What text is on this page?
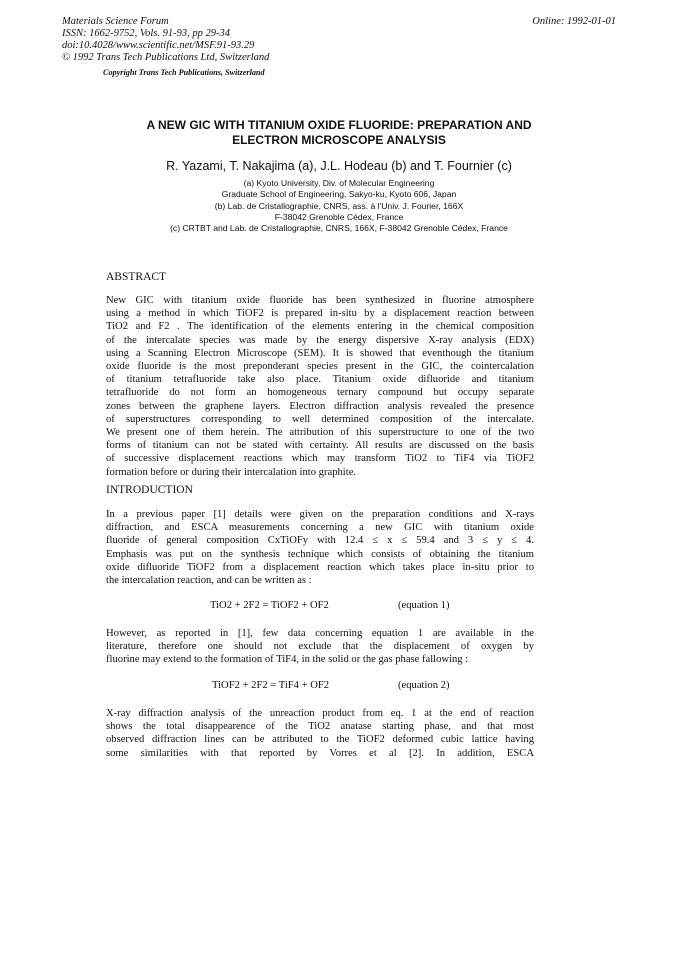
Materials Science Forum
ISSN: 1662-9752, Vols. 91-93, pp 29-34
doi:10.4028/www.scientific.net/MSF.91-93.29
© 1992 Trans Tech Publications Ltd, Switzerland
Copyright Trans Tech Publications, Switzerland
Online: 1992-01-01
A NEW GIC WITH TITANIUM OXIDE FLUORIDE: PREPARATION AND
ELECTRON MICROSCOPE ANALYSIS
R. Yazami, T. Nakajima (a), J.L. Hodeau (b) and T. Fournier (c)
(a) Kyoto University, Div. of Molecular Engineering
Graduate School of Engineering, Sakyo-ku, Kyoto 606, Japan
(b) Lab. de Cristallographie, CNRS, ass. à l'Univ. J. Fourier, 166X
F-38042 Grenoble Cédex, France
(c) CRTBT and Lab. de Cristallographie, CNRS, 166X, F-38042 Grenoble Cédex, France
ABSTRACT
New GIC with titanium oxide fluoride has been synthesized in fluorine atmosphere
using a method in which TiOF2 is prepared in-situ by a displacement reaction between
TiO2 and F2 . The identification of the elements entering in the chemical composition
of the intercalate species was made by the energy dispersive X-ray analysis (EDX)
using a Scanning Electron Microscope (SEM). It is showed that eventhough the titanium
oxide fluoride is the most preponderant species present in the GIC, the cointercalation
of titanium tetrafluoride take also place. Titanium oxide difluoride and titanium
tetrafluoride do not form an homogeneous ternary compound but occupy separate
zones between the graphene layers. Electron diffraction analysis revealed the presence
of superstructures corresponding to well determined composition of the intercalate.
We present one of them herein. The attribution of this superstructure to one of the two
forms of titanium can not be stated with certainty. All results are discussed on the basis
of successive displacement reactions which may transform TiO2 to TiF4 via TiOF2
formation before or during their intercalation into graphite.
INTRODUCTION
In a previous paper [1] details were given on the preparation conditions and X-rays
diffraction, and ESCA measurements concerning a new GIC with titanium oxide
fluoride of general composition CxTiOFy with 12.4 ≤ x ≤ 59.4 and 3 ≤ y ≤ 4.
Emphasis was put on the synthesis technique which consists of obtaining the titanium
oxide difluoride TiOF2 from a displacement reaction which takes place in-situ prior to
the intercalation reaction, and can be written as :
TiO2 + 2F2 = TiOF2 + OF2	(equation 1)
However, as reported in [1], few data concerning equation 1 are available in the
literature, therefore one should not exclude that the displacement of oxygen by
fluorine may extend to the formation of TiF4, in the solid or the gas phase fallowing :
TiOF2 + 2F2 = TiF4 + OF2	(equation 2)
X-ray diffraction analysis of the unreaction product from eq. 1 at the end of reaction
shows the total disappearence of the TiO2 anatase starting phase, and that most
observed diffraction lines can be attributed to the TiOF2 deformed cubic lattice having
some similarities with that reported by Vorres et al [2]. In addition, ESCA
